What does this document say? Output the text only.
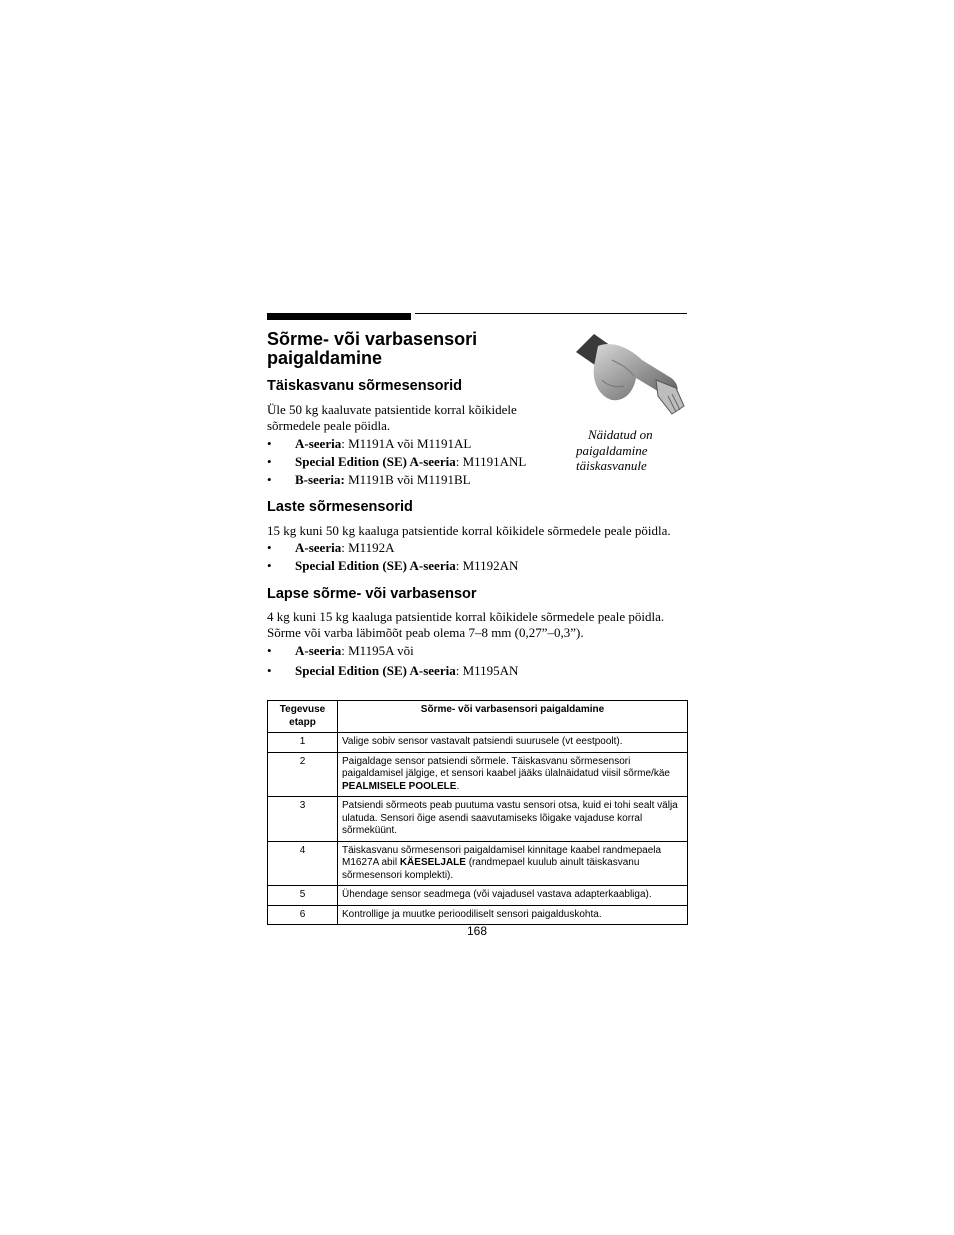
Sõrme- või varbasensori paigaldamine

Näidatud on
paigaldamine
täiskasvanule

Täiskasvanu sõrmesensorid

Üle 50 kg kaaluvate patsientide korral kõikidele sõrmedele peale pöidla.

• A-seeria: M1191A või M1191AL
• Special Edition (SE) A-seeria: M1191ANL
• B-seeria: M1191B või M1191BL
Laste sõrmesensorid

15 kg kuni 50 kg kaaluga patsientide korral kõikidele sõrmedele peale pöidla.

• A-seeria: M1192A
• Special Edition (SE) A-seeria: M1192AN
Lapse sõrme- või varbasensor

4 kg kuni 15 kg kaaluga patsientide korral kõikidele sõrmedele peale pöidla.
Sõrme või varba läbimõõt peab olema 7–8 mm (0,27”–0,3”).

• A-seeria: M1195A või
• Special Edition (SE) A-seeria: M1195AN
Tegevuse
etapp	Sõrme- või varbasensori paigaldamine
1	Valige sobiv sensor vastavalt patsiendi suurusele (vt eestpoolt).
2	Paigaldage sensor patsiendi sõrmele. Täiskasvanu sõrmesensori paigaldamisel jälgige, et sensori kaabel jääks ülalnäidatud viisil sõrme/käe PEALMISELE POOLELE.
3	Patsiendi sõrmeots peab puutuma vastu sensori otsa, kuid ei tohi sealt välja ulatuda. Sensori õige asendi saavutamiseks lõigake vajaduse korral sõrmeküünt.
4	Täiskasvanu sõrmesensori paigaldamisel kinnitage kaabel randmepaela M1627A abil KÄESELJALE (randmepael kuulub ainult täiskasvanu sõrmesensori komplekti).
5	Ühendage sensor seadmega (või vajadusel vastava adapterkaabliga).
6	Kontrollige ja muutke perioodiliselt sensori paigalduskohta.
168
